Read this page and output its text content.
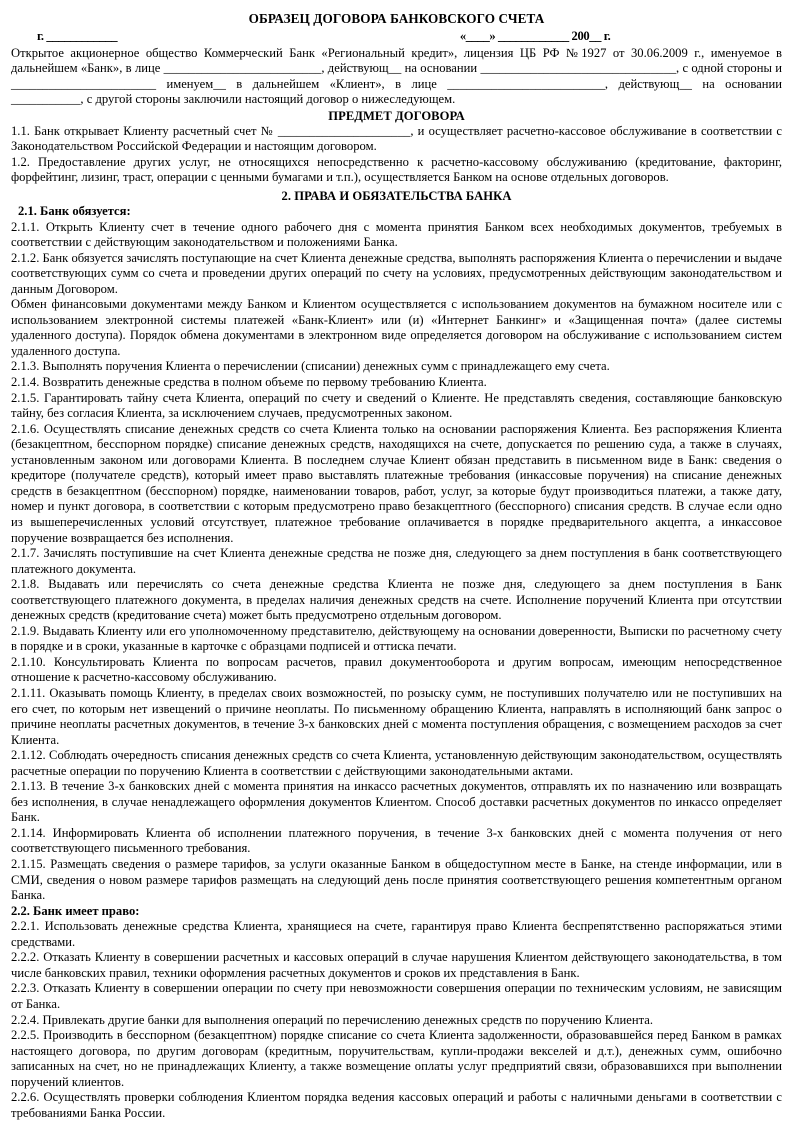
ОБРАЗЕЦ ДОГОВОРА БАНКОВСКОГО СЧЕТА
г. ____________	«____» ____________ 200__ г.

Открытое акционерное общество Коммерческий Банк «Региональный кредит», лицензия ЦБ РФ №1927 от 30.06.2009 г., именуемое в дальнейшем «Банк», в лице _________________________, действующ__ на основании _______________________________, с одной стороны и _______________________ именуем__ в дальнейшем «Клиент», в лице _________________________, действующ__ на основании ___________, с другой стороны заключили настоящий договор о нижеследующем.

ПРЕДМЕТ ДОГОВОРА

1.1. Банк открывает Клиенту расчетный счет № _____________________, и осуществляет расчетно-кассовое обслуживание в соответствии с Законодательством Российской Федерации и настоящим договором.

1.2. Предоставление других услуг, не относящихся непосредственно к расчетно-кассовому обслуживанию (кредитование, факторинг, форфейтинг, лизинг, траст, операции с ценными бумагами и т.п.), осуществляется Банком на основе отдельных договоров.

2. ПРАВА И ОБЯЗАТЕЛЬСТВА БАНКА
2.1. Банк обязуется:

2.1.1. Открыть Клиенту счет в течение одного рабочего дня с момента принятия Банком всех необходимых документов, требуемых в соответствии с действующим законодательством и положениями Банка.

2.1.2. Банк обязуется зачислять поступающие на счет Клиента денежные средства, выполнять распоряжения Клиента о перечислении и выдаче соответствующих сумм со счета и проведении других операций по счету на условиях, предусмотренных действующим законодательством и данным Договором.

Обмен финансовыми документами между Банком и Клиентом осуществляется с использованием документов на бумажном носителе или с использованием электронной системы платежей «Банк-Клиент» или (и) «Интернет Банкинг» и «Защищенная почта» (далее системы удаленного доступа). Порядок обмена документами в электронном виде определяется договором на обслуживание с использованием систем удаленного доступа.

2.1.3. Выполнять поручения Клиента о перечислении (списании) денежных сумм с принадлежащего ему счета.

2.1.4. Возвратить денежные средства в полном объеме по первому требованию Клиента.

2.1.5. Гарантировать тайну счета Клиента, операций по счету и сведений о Клиенте. Не представлять сведения, составляющие банковскую тайну, без согласия Клиента, за исключением случаев, предусмотренных законом.

2.1.6. Осуществлять списание денежных средств со счета Клиента только на основании распоряжения Клиента. Без распоряжения Клиента (безакцептном, бесспорном порядке) списание денежных средств, находящихся на счете, допускается по решению суда, а также в случаях, установленным законом или договорами Клиента. В последнем случае Клиент обязан представить в письменном виде в Банк: сведения о кредиторе (получателе средств), который имеет право выставлять платежные требования (инкассовые поручения) на списание денежных средств в безакцептном (бесспорном) порядке, наименовании товаров, работ, услуг, за которые будут производиться платежи, а также дату, номер и пункт договора, в соответствии с которым предусмотрено право безакцептного (бесспорного) списания средств. В случае если одно из вышеперечисленных условий отсутствует, платежное требование оплачивается в порядке предварительного акцепта, а инкассовое поручение возвращается без исполнения.

2.1.7. Зачислять поступившие на счет Клиента денежные средства не позже дня, следующего за днем поступления в банк соответствующего платежного документа.

2.1.8. Выдавать или перечислять со счета денежные средства Клиента не позже дня, следующего за днем поступления в Банк соответствующего платежного документа, в пределах наличия денежных средств на счете. Исполнение поручений Клиента при отсутствии денежных средств (кредитование счета) может быть предусмотрено отдельным договором.

2.1.9. Выдавать Клиенту или его уполномоченному представителю, действующему на основании доверенности, Выписки по расчетному счету в порядке и в сроки, указанные в карточке с образцами подписей и оттиска печати.

2.1.10. Консультировать Клиента по вопросам расчетов, правил документооборота и другим вопросам, имеющим непосредственное отношение к расчетно-кассовому обслуживанию.

2.1.11. Оказывать помощь Клиенту, в пределах своих возможностей, по розыску сумм, не поступивших получателю или не поступивших на его счет, по которым нет извещений о причине неоплаты. По письменному обращению Клиента, направлять в исполняющий банк запрос о причине неоплаты расчетных документов, в течение 3-х банковских дней с момента поступления обращения, с возмещением расходов за счет Клиента.

2.1.12. Соблюдать очередность списания денежных средств со счета Клиента, установленную действующим законодательством, осуществлять расчетные операции по поручению Клиента в соответствии с действующими законодательными актами.

2.1.13. В течение 3-х банковских дней с момента принятия на инкассо расчетных документов, отправлять их по назначению или возвращать без исполнения, в случае ненадлежащего оформления документов Клиентом. Способ доставки расчетных документов по инкассо определяет Банк.

2.1.14. Информировать Клиента об исполнении платежного поручения, в течение 3-х банковских дней с момента получения от него соответствующего письменного требования.

2.1.15. Размещать сведения о размере тарифов, за услуги оказанные Банком в общедоступном месте в Банке, на стенде информации, или в СМИ, сведения о новом размере тарифов размещать на следующий день после принятия соответствующего решения компетентным органом Банка.

2.2. Банк имеет право:

2.2.1. Использовать денежные средства Клиента, хранящиеся на счете, гарантируя право Клиента беспрепятственно распоряжаться этими средствами.

2.2.2. Отказать Клиенту в совершении расчетных и кассовых операций в случае нарушения Клиентом действующего законодательства, в том числе банковских правил, техники оформления расчетных документов и сроков их представления в Банк.

2.2.3. Отказать Клиенту в совершении операции по счету при невозможности совершения операции по техническим условиям, не зависящим от Банка.

2.2.4. Привлекать другие банки для выполнения операций по перечислению денежных средств по поручению Клиента.

2.2.5. Производить в бесспорном (безакцептном) порядке списание со счета Клиента задолженности, образовавшейся перед Банком в рамках настоящего договора, по другим договорам (кредитным, поручительствам, купли-продажи векселей и д.т.), денежных сумм, ошибочно записанных на счет, но не принадлежащих Клиенту, а также возмещение оплаты услуг предприятий связи, образовавшихся при выполнении поручений клиентов.

2.2.6. Осуществлять проверки соблюдения Клиентом порядка ведения кассовых операций и работы с наличными деньгами в соответствии с требованиями Банка России.
